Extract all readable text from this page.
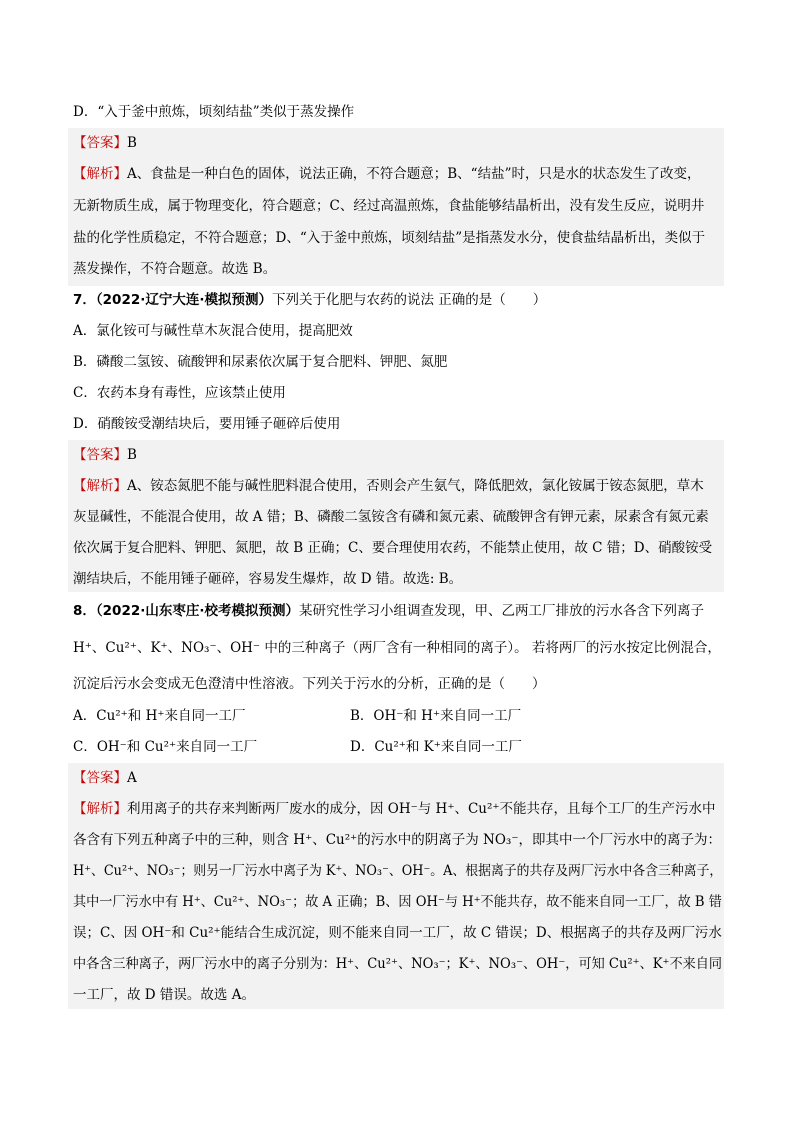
D．“入于釜中煎炼，顷刻结盐”类似于蒸发操作
【答案】B
【解析】A、食盐是一种白色的固体，说法正确，不符合题意；B、“结盐”时，只是水的状态发生了改变，
无新物质生成，属于物理变化，符合题意；C、经过高温煎炼，食盐能够结晶析出，没有发生反应，说明井
盐的化学性质稳定，不符合题意；D、“入于釜中煎炼，顷刻结盐”是指蒸发水分，使食盐结晶析出，类似于
蒸发操作，不符合题意。故选 B。
7．（2022·辽宁大连·模拟预测）下列关于化肥与农药的说法 正确的是（　　）
A．氯化铵可与碱性草木灰混合使用，提高肥效
B．磷酸二氢铵、硫酸钾和尿素依次属于复合肥料、钾肥、氮肥
C．农药本身有毒性，应该禁止使用
D．硝酸铵受潮结块后，要用锤子砸碎后使用
【答案】B
【解析】A、铵态氮肥不能与碱性肥料混合使用，否则会产生氨气，降低肥效，氯化铵属于铵态氮肥，草木
灰显碱性，不能混合使用，故 A 错；B、磷酸二氢铵含有磷和氮元素、硫酸钾含有钾元素，尿素含有氮元素
依次属于复合肥料、钾肥、氮肥，故 B 正确；C、要合理使用农药，不能禁止使用，故 C 错；D、硝酸铵受
潮结块后，不能用锤子砸碎，容易发生爆炸，故 D 错。故选: B。
8．（2022·山东枣庄·校考模拟预测）某研究性学习小组调查发现，甲、乙两工厂排放的污水各含下列离子
H⁺、Cu²⁺、K⁺、NO₃⁻、OH⁻ 中的三种离子（两厂含有一种相同的离子）。 若将两厂的污水按定比例混合，
沉淀后污水会变成无色澄清中性溶液。下列关于污水的分析，正确的是（　　）
A．Cu²⁺和 H⁺来自同一工厂	B．OH⁻和 H⁺来自同一工厂
C．OH⁻和 Cu²⁺来自同一工厂	D．Cu²⁺和 K⁺来自同一工厂
【答案】A
【解析】利用离子的共存来判断两厂废水的成分，因 OH⁻与 H⁺、Cu²⁺不能共存，且每个工厂的生产污水中
各含有下列五种离子中的三种，则含 H⁺、Cu²⁺的污水中的阴离子为 NO₃⁻，即其中一个厂污水中的离子为：
H⁺、Cu²⁺、NO₃⁻；则另一厂污水中离子为 K⁺、NO₃⁻、OH⁻。A、根据离子的共存及两厂污水中各含三种离子，
其中一厂污水中有 H⁺、Cu²⁺、NO₃⁻；故 A 正确；B、因 OH⁻与 H⁺不能共存，故不能来自同一工厂，故 B 错
误；C、因 OH⁻和 Cu²⁺能结合生成沉淀，则不能来自同一工厂，故 C 错误；D、根据离子的共存及两厂污水
中各含三种离子，两厂污水中的离子分别为：H⁺、Cu²⁺、NO₃⁻；K⁺、NO₃⁻、OH⁻，可知 Cu²⁺、K⁺不来自同
一工厂，故 D 错误。故选 A。
